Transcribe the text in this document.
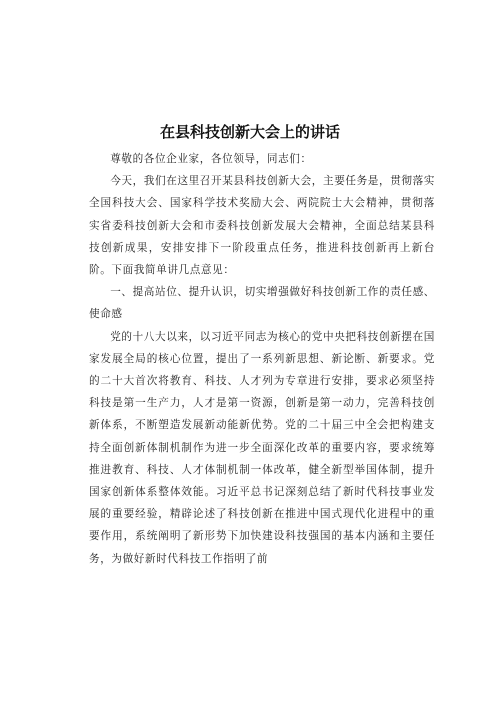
在县科技创新大会上的讲话

尊敬的各位企业家，各位领导，同志们：

今天，我们在这里召开某县科技创新大会，主要任务是，贯彻落实全国科技大会、国家科学技术奖励大会、两院院士大会精神，贯彻落实省委科技创新大会和市委科技创新发展大会精神，全面总结某县科技创新成果，安排安排下一阶段重点任务，推进科技创新再上新台阶。下面我简单讲几点意见：

一、提高站位、提升认识，切实增强做好科技创新工作的责任感、使命感

党的十八大以来，以习近平同志为核心的党中央把科技创新摆在国家发展全局的核心位置，提出了一系列新思想、新论断、新要求。党的二十大首次将教育、科技、人才列为专章进行安排，要求必须坚持科技是第一生产力，人才是第一资源，创新是第一动力，完善科技创新体系，不断塑造发展新动能新优势。党的二十届三中全会把构建支持全面创新体制机制作为进一步全面深化改革的重要内容，要求统筹推进教育、科技、人才体制机制一体改革，健全新型举国体制，提升国家创新体系整体效能。习近平总书记深刻总结了新时代科技事业发展的重要经验，精辟论述了科技创新在推进中国式现代化进程中的重要作用，系统阐明了新形势下加快建设科技强国的基本内涵和主要任务，为做好新时代科技工作指明了前
